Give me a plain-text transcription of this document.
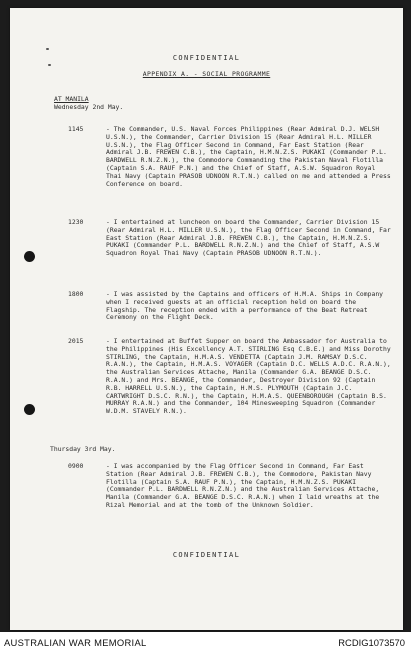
CONFIDENTIAL
APPENDIX A. - SOCIAL PROGRAMME
AT MANILA
Wednesday 2nd May.
1145	- The Commander, U.S. Naval Forces Philippines (Rear Admiral D.J. WELSH U.S.N.), the Commander, Carrier Division 15 (Rear Admiral H.L. MILLER U.S.N.), the Flag Officer Second in Command, Far East Station (Rear Admiral J.B. FREWEN C.B.), the Captain, H.M.N.Z.S. PUKAKI (Commander P.L. BARDWELL R.N.Z.N.), the Commodore Commanding the Pakistan Naval Flotilla (Captain S.A. RAUF P.N.) and the Chief of Staff, A.S.W. Squadron Royal Thai Navy (Captain PRASOB UDNOON R.T.N.) called on me and attended a Press Conference on board.
1230	- I entertained at luncheon on board the Commander, Carrier Division 15 (Rear Admiral H.L. MILLER U.S.N.), the Flag Officer Second in Command, Far East Station (Rear Admiral J.B. FREWEN C.B.), the Captain, H.M.N.Z.S. PUKAKI (Commander P.L. BARDWELL R.N.Z.N.) and the Chief of Staff, A.S.W Squadron Royal Thai Navy (Captain PRASOB UDNOON R.T.N.).
1800	- I was assisted by the Captains and officers of H.M.A. Ships in Company when I received guests at an official reception held on board the Flagship. The reception ended with a performance of the Beat Retreat Ceremony on the Flight Deck.
2015	- I entertained at Buffet Supper on board the Ambassador for Australia to the Philippines (His Excellency A.T. STIRLING Esq C.B.E.) and Miss Dorothy STIRLING, the Captain, H.M.A.S. VENDETTA (Captain J.M. RAMSAY D.S.C. R.A.N.), the Captain, H.M.A.S. VOYAGER (Captain D.C. WELLS A.D.C. R.A.N.), the Australian Services Attache, Manila (Commander G.A. BEANGE D.S.C. R.A.N.) and Mrs. BEANGE, the Commander, Destroyer Division 92 (Captain R.B. HARRELL U.S.N.), the Captain, H.M.S. PLYMOUTH (Captain J.C. CARTWRIGHT D.S.C. R.N.), the Captain, H.M.A.S. QUEENBOROUGH (Captain B.S. MURRAY R.A.N.) and the Commander, 104 Minesweeping Squadron (Commander W.D.M. STAVELY R.N.).
Thursday 3rd May.
0900	- I was accompanied by the Flag Officer Second in Command, Far East Station (Rear Admiral J.B. FREWEN C.B.), the Commodore, Pakistan Navy Flotilla (Captain S.A. RAUF P.N.), the Captain, H.M.N.Z.S. PUKAKI (Commander P.L. BARDWELL R.N.Z.N.) and the Australian Services Attache, Manila (Commander G.A. BEANGE D.S.C. R.A.N.) when I laid wreaths at the Rizal Memorial and at the tomb of the Unknown Soldier.
CONFIDENTIAL
AUSTRALIAN WAR MEMORIAL	RCDIG1073570
